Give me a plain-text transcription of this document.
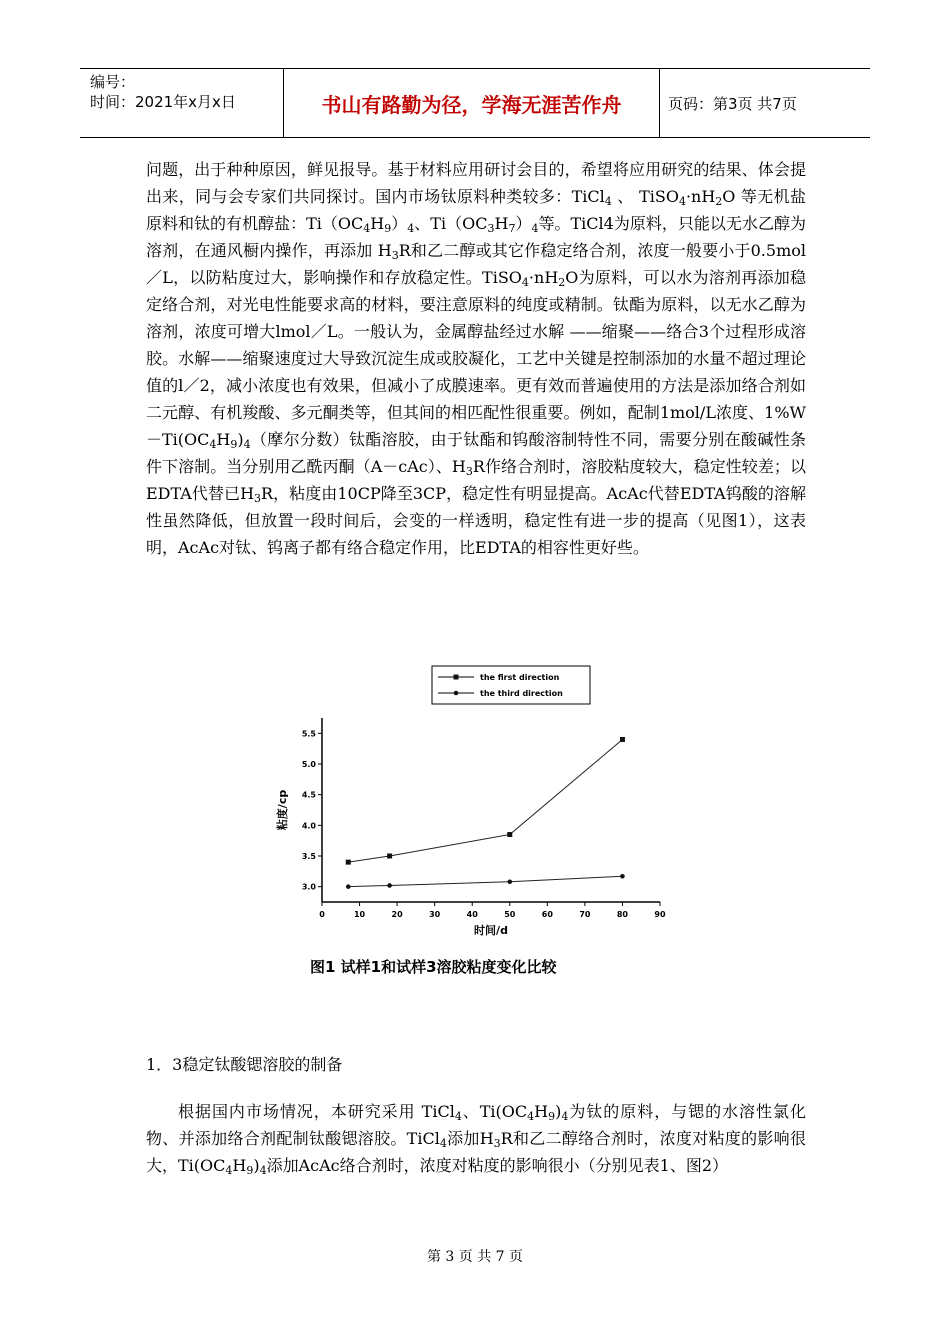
编号：
时间：2021年x月x日	书山有路勤为径，学海无涯苦作舟	页码：第3页 共7页

问题，出于种种原因，鲜见报导。基于材料应用研讨会目的，希望将应用研究的结果、体会提出来，同与会专家们共同探讨。国内市场钛原料种类较多：TiCl$_4$ 、 $TiSO_4\cdot nH_2O$ 等无机盐原料和钛的有机醇盐：$Ti(OC_4H_9)_4$、$Ti(OC_3H_7)_4$等。TiCl4为原料，只能以无水乙醇为溶剂，在通风橱内操作，再添加 $H_3R$和乙二醇或其它作稳定络合剂，浓度一般要小于0.5mol／L，以防粘度过大，影响操作和存放稳定性。$TiSO_4\cdot nH_2O$为原料，可以水为溶剂再添加稳定络合剂，对光电性能要求高的材料，要注意原料的纯度或精制。钛酯为原料，以无水乙醇为溶剂，浓度可增大lmol／L。一般认为，金属醇盐经过水解 ——缩聚——络合3个过程形成溶胶。水解——缩聚速度过大导致沉淀生成或胶凝化，工艺中关键是控制添加的水量不超过理论值的l／2，减小浓度也有效果，但减小了成膜速率。更有效而普遍使用的方法是添加络合剂如二元醇、有机羧酸、多元酮类等，但其间的相匹配性很重要。例如，配制1mol/L浓度、$1\%W-Ti(OC_4H_9)_4$（摩尔分数）钛酯溶胶，由于钛酯和钨酸溶制特性不同，需要分别在酸碱性条件下溶制。当分别用乙酰丙酮（A－cAc）、$H_3R$作络合剂时，溶胶粘度较大，稳定性较差；以EDTA代替已$H_3R$，粘度由10CP降至3CP，稳定性有明显提高。AcAc代替EDTA钨酸的溶解性虽然降低，但放置一段时间后，会变的一样透明，稳定性有进一步的提高（见图1），这表明，AcAc对钛、钨离子都有络合稳定作用，比EDTA的相容性更好些。

the first direction
the third direction
0	10	20	30	40	50	60	70	80	90
3.0
3.5
4.0
4.5
5.0
5.5
时间/d
粘度/cp
图1 试样1和试样3溶胶粘度变化比较
1．3稳定钛酸锶溶胶的制备

根据国内市场情况，本研究采用 TiCl$_4$、$Ti(OC_4H_9)_4$为钛的原料，与锶的水溶性氯化物、并添加络合剂配制钛酸锶溶胶。TiCl$_4$添加$H_3R$和乙二醇络合剂时，浓度对粘度的影响很大，$Ti(OC_4H_9)_4$添加AcAc络合剂时，浓度对粘度的影响很小（分别见表1、图2）

第 3 页 共 7 页
